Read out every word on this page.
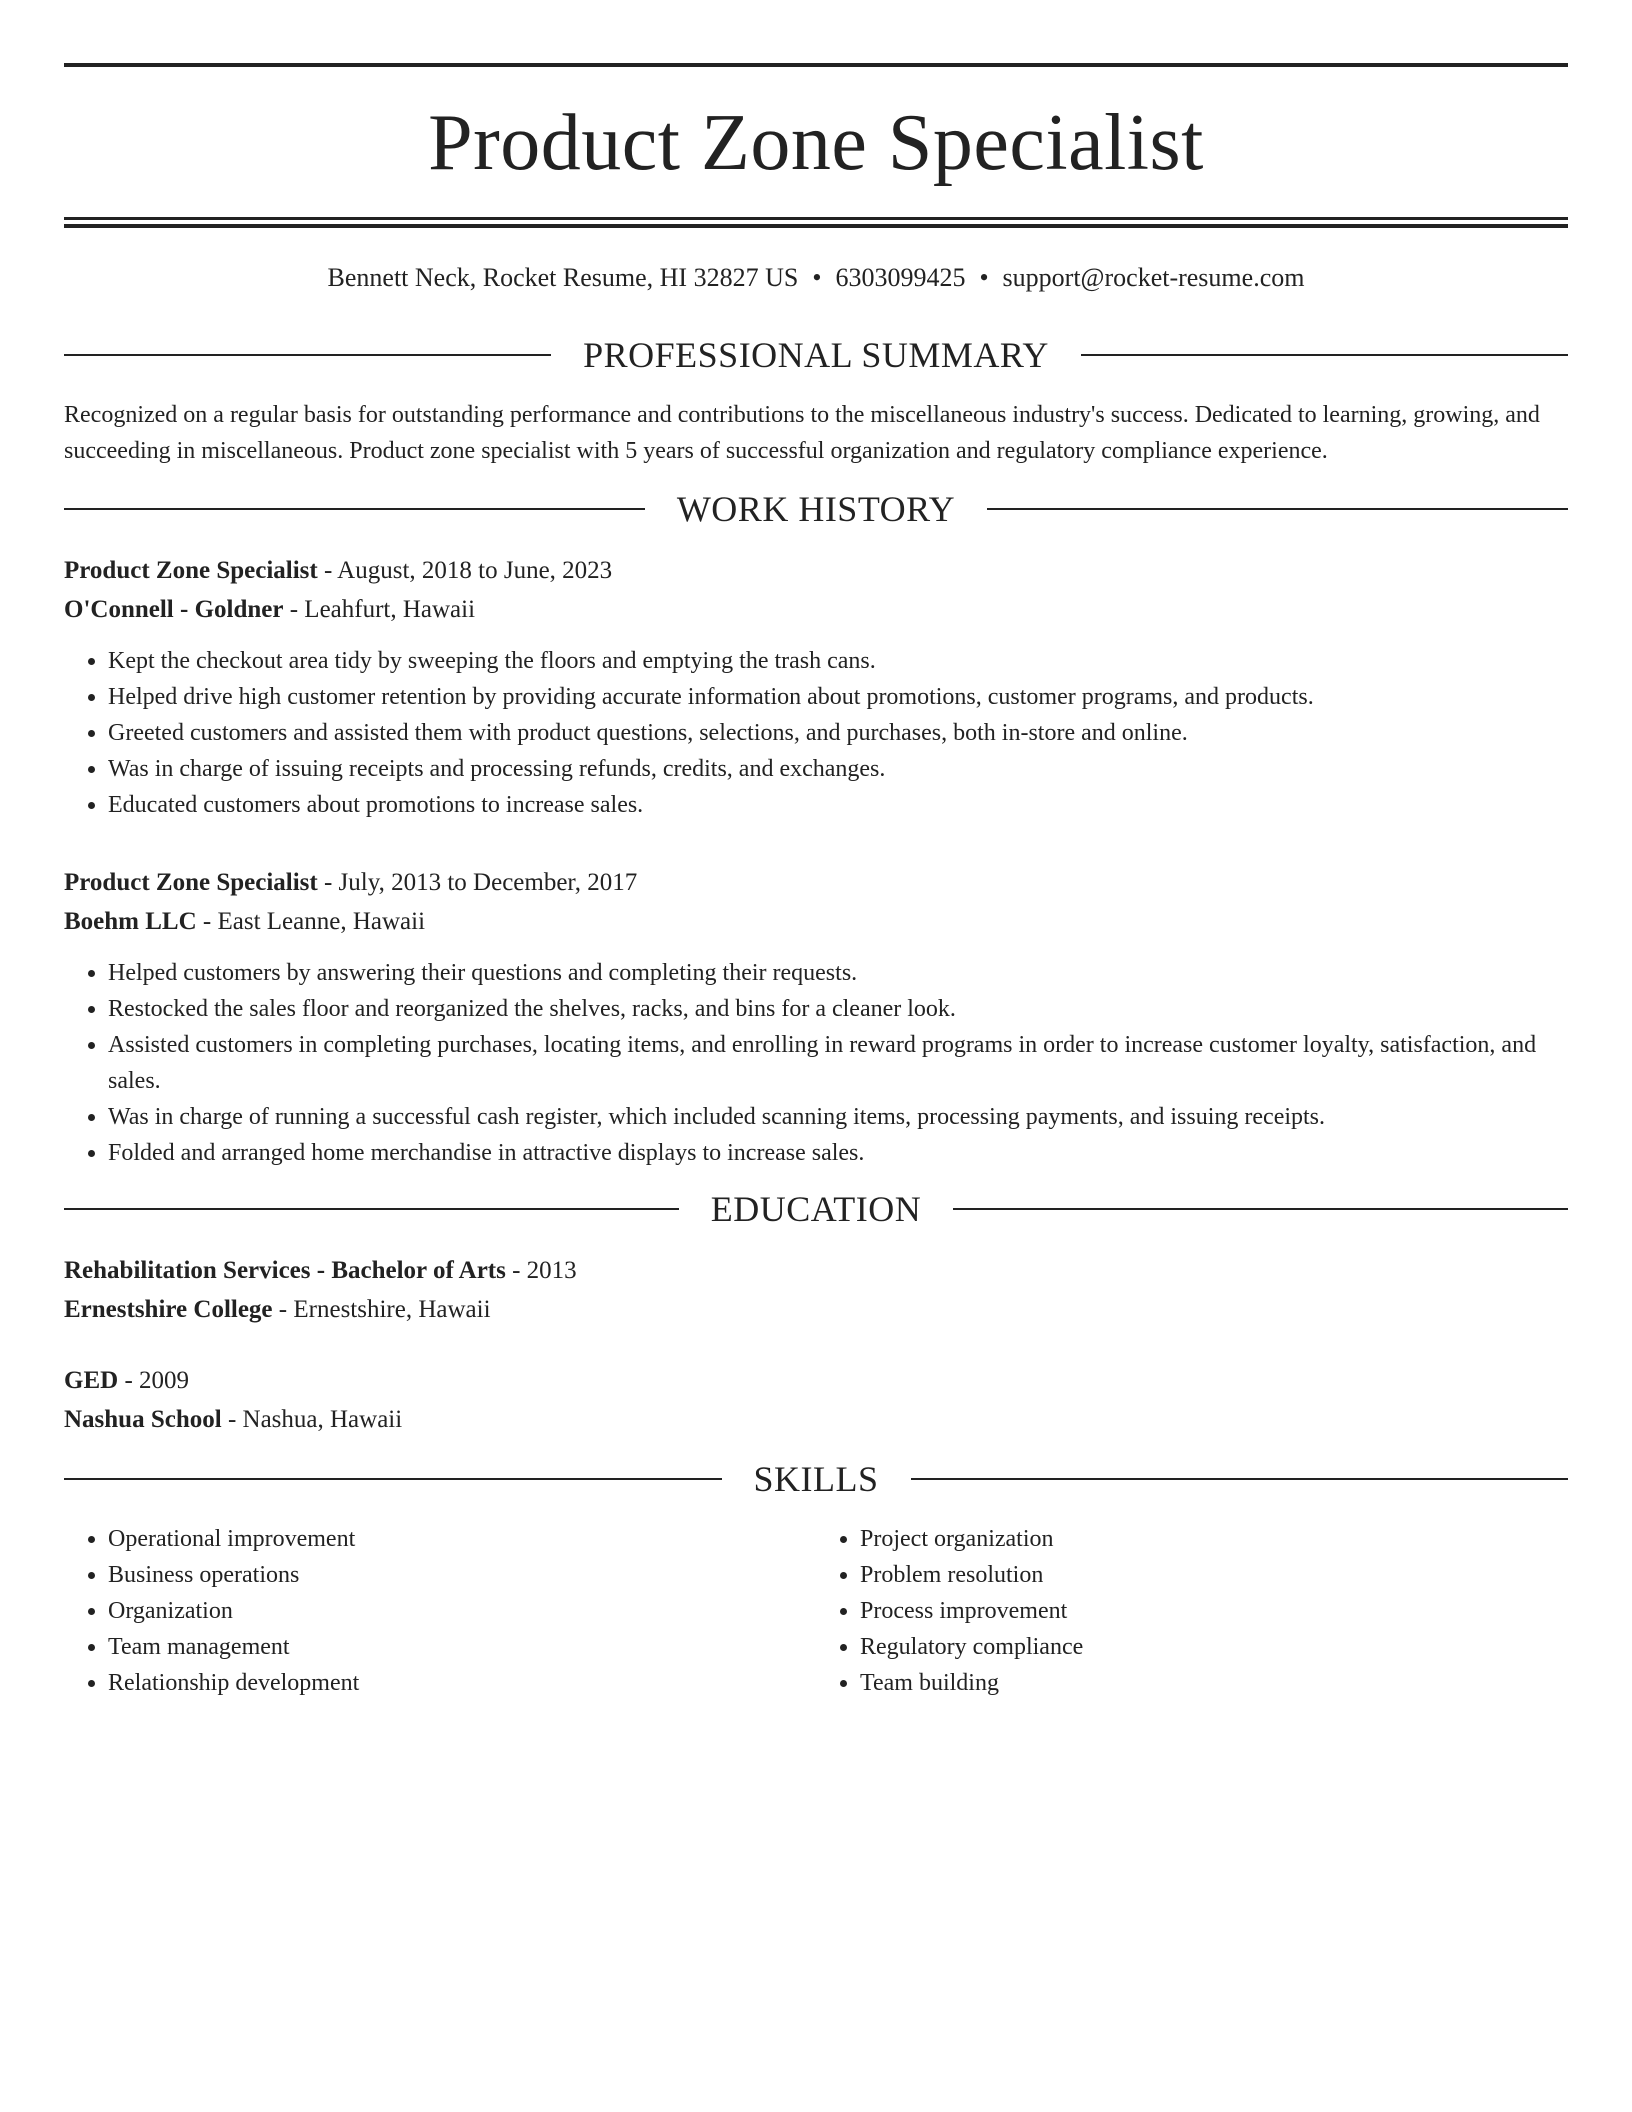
Product Zone Specialist
Bennett Neck, Rocket Resume, HI 32827 US • 6303099425 • support@rocket-resume.com
PROFESSIONAL SUMMARY

Recognized on a regular basis for outstanding performance and contributions to the miscellaneous industry's success. Dedicated to learning, growing, and succeeding in miscellaneous. Product zone specialist with 5 years of successful organization and regulatory compliance experience.

WORK HISTORY
Product Zone Specialist - August, 2018 to June, 2023
O'Connell - Goldner - Leahfurt, Hawaii
• Kept the checkout area tidy by sweeping the floors and emptying the trash cans.
• Helped drive high customer retention by providing accurate information about promotions, customer programs, and products.
• Greeted customers and assisted them with product questions, selections, and purchases, both in-store and online.
• Was in charge of issuing receipts and processing refunds, credits, and exchanges.
• Educated customers about promotions to increase sales.
Product Zone Specialist - July, 2013 to December, 2017
Boehm LLC - East Leanne, Hawaii
• Helped customers by answering their questions and completing their requests.
• Restocked the sales floor and reorganized the shelves, racks, and bins for a cleaner look.
• Assisted customers in completing purchases, locating items, and enrolling in reward programs in order to increase customer loyalty, satisfaction, and sales.
• Was in charge of running a successful cash register, which included scanning items, processing payments, and issuing receipts.
• Folded and arranged home merchandise in attractive displays to increase sales.
EDUCATION
Rehabilitation Services - Bachelor of Arts - 2013
Ernestshire College - Ernestshire, Hawaii
GED - 2009
Nashua School - Nashua, Hawaii
SKILLS
• Operational improvement
• Business operations
• Organization
• Team management
• Relationship development
• Project organization
• Problem resolution
• Process improvement
• Regulatory compliance
• Team building
